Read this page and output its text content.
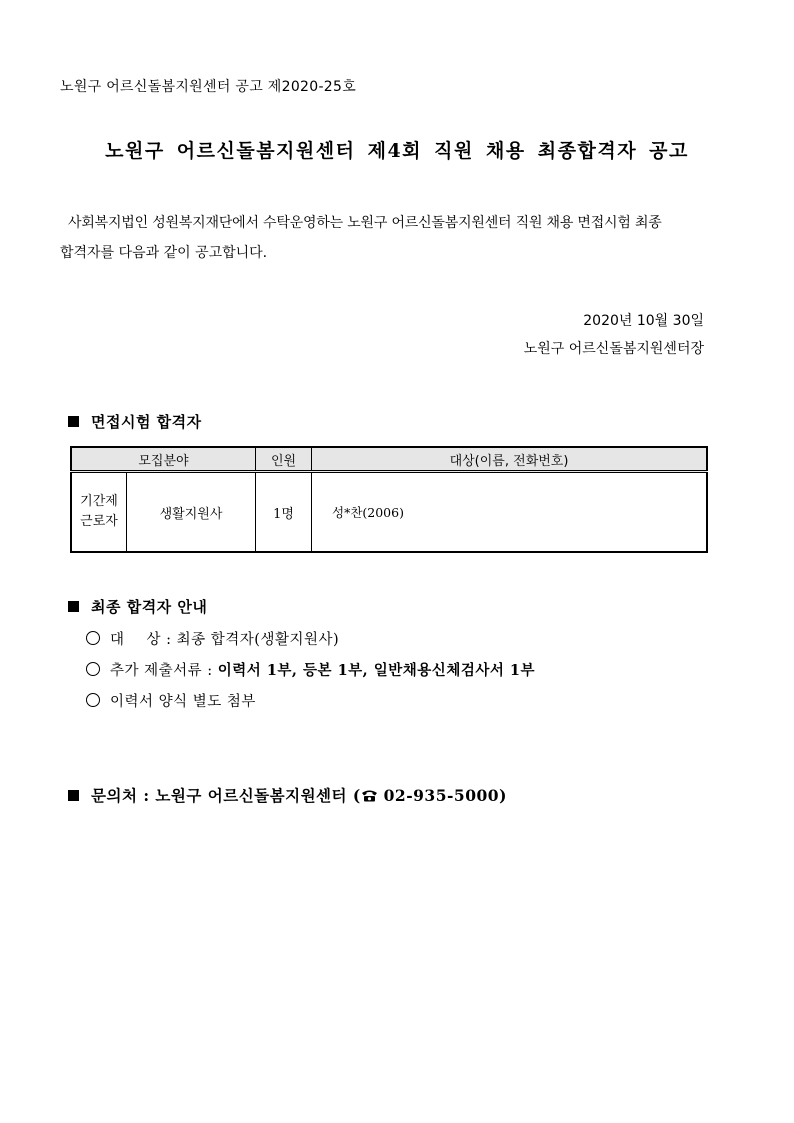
노원구 어르신돌봄지원센터 공고 제2020-25호
노원구 어르신돌봄지원센터 제4회 직원 채용 최종합격자 공고
사회복지법인 성원복지재단에서 수탁운영하는 노원구 어르신돌봄지원센터 직원 채용 면접시험 최종
합격자를 다음과 같이 공고합니다.
2020년 10월 30일
노원구 어르신돌봄지원센터장
면접시험 합격자
모집분야		인원	대상(이름, 전화번호)

기간제
근로자	생활지원사	1명	성*찬(2006)
최종 합격자 안내
대 상 : 최종 합격자(생활지원사)
추가 제출서류 : 이력서 1부, 등본 1부, 일반채용신체검사서 1부
이력서 양식 별도 첨부
문의처 : 노원구 어르신돌봄지원센터 ( 02-935-5000)
